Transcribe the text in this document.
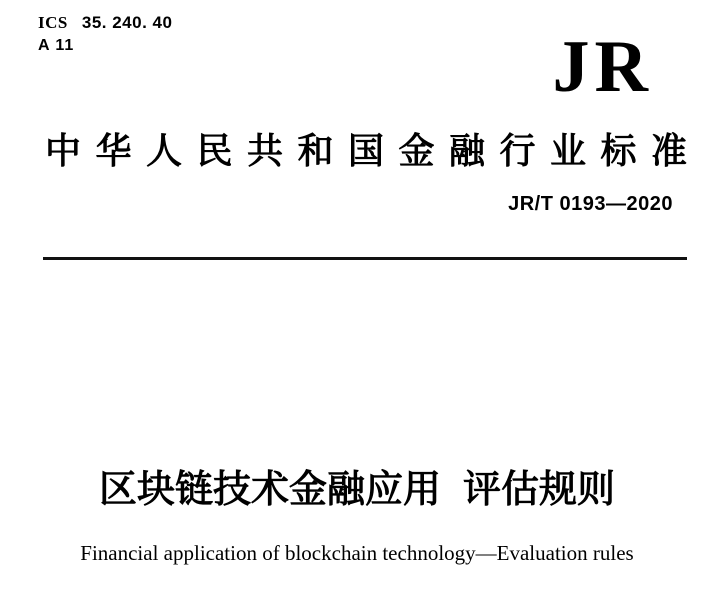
ICS 35. 240. 40
A 11	JR
中华人民共和国金融行业标准
JR/T 0193—2020
区块链技术金融应用 评估规则
Financial application of blockchain technology—Evaluation rules
